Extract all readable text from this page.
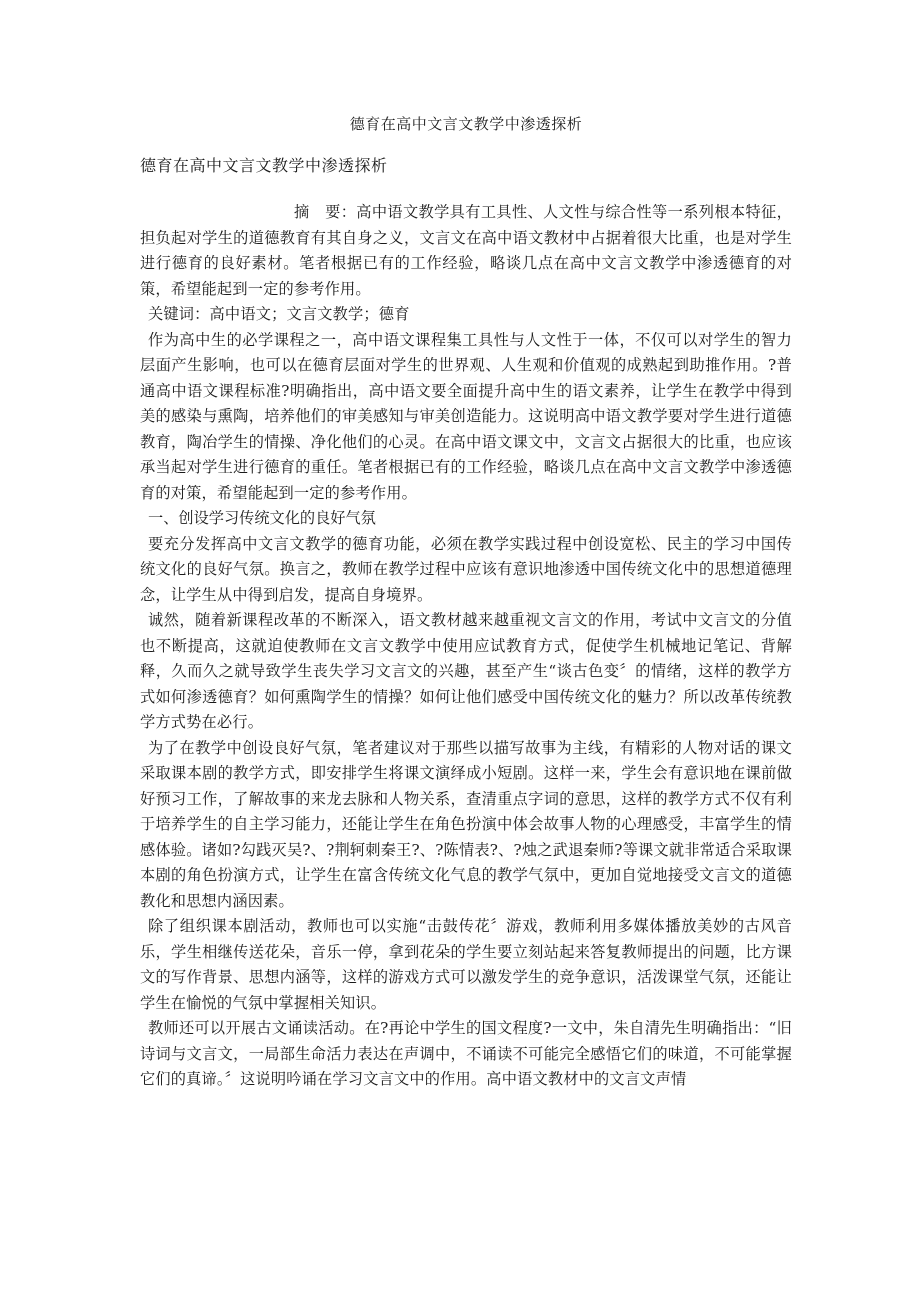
德育在高中文言文教学中渗透探析
德育在高中文言文教学中渗透探析

摘　要：高中语文教学具有工具性、人文性与综合性等一系列根本特征，担负起对学生的道德教育有其自身之义，文言文在高中语文教材中占据着很大比重，也是对学生进行德育的良好素材。笔者根据已有的工作经验，略谈几点在高中文言文教学中渗透德育的对策，希望能起到一定的参考作用。

关键词：高中语文；文言文教学；德育

作为高中生的必学课程之一，高中语文课程集工具性与人文性于一体，不仅可以对学生的智力层面产生影响，也可以在德育层面对学生的世界观、人生观和价值观的成熟起到助推作用。?普通高中语文课程标准?明确指出，高中语文要全面提升高中生的语文素养，让学生在教学中得到美的感染与熏陶，培养他们的审美感知与审美创造能力。这说明高中语文教学要对学生进行道德教育，陶冶学生的情操、净化他们的心灵。在高中语文课文中，文言文占据很大的比重，也应该承当起对学生进行德育的重任。笔者根据已有的工作经验，略谈几点在高中文言文教学中渗透德育的对策，希望能起到一定的参考作用。

一、创设学习传统文化的良好气氛

要充分发挥高中文言文教学的德育功能，必须在教学实践过程中创设宽松、民主的学习中国传统文化的良好气氛。换言之，教师在教学过程中应该有意识地渗透中国传统文化中的思想道德理念，让学生从中得到启发，提高自身境界。

诚然，随着新课程改革的不断深入，语文教材越来越重视文言文的作用，考试中文言文的分值也不断提高，这就迫使教师在文言文教学中使用应试教育方式，促使学生机械地记笔记、背解释，久而久之就导致学生丧失学习文言文的兴趣，甚至产生“谈古色变〞的情绪，这样的教学方式如何渗透德育？如何熏陶学生的情操？如何让他们感受中国传统文化的魅力？所以改革传统教学方式势在必行。

为了在教学中创设良好气氛，笔者建议对于那些以描写故事为主线，有精彩的人物对话的课文采取课本剧的教学方式，即安排学生将课文演绎成小短剧。这样一来，学生会有意识地在课前做好预习工作，了解故事的来龙去脉和人物关系，查清重点字词的意思，这样的教学方式不仅有利于培养学生的自主学习能力，还能让学生在角色扮演中体会故事人物的心理感受，丰富学生的情感体验。诸如?勾践灭吴?、?荆轲刺秦王?、?陈情表?、?烛之武退秦师?等课文就非常适合采取课本剧的角色扮演方式，让学生在富含传统文化气息的教学气氛中，更加自觉地接受文言文的道德教化和思想内涵因素。

除了组织课本剧活动，教师也可以实施“击鼓传花〞游戏，教师利用多媒体播放美妙的古风音乐，学生相继传送花朵，音乐一停，拿到花朵的学生要立刻站起来答复教师提出的问题，比方课文的写作背景、思想内涵等，这样的游戏方式可以激发学生的竞争意识，活泼课堂气氛，还能让学生在愉悦的气氛中掌握相关知识。

教师还可以开展古文诵读活动。在?再论中学生的国文程度?一文中，朱自清先生明确指出：“旧诗词与文言文，一局部生命活力表达在声调中，不诵读不可能完全感悟它们的味道，不可能掌握它们的真谛。〞这说明吟诵在学习文言文中的作用。高中语文教材中的文言文声情
